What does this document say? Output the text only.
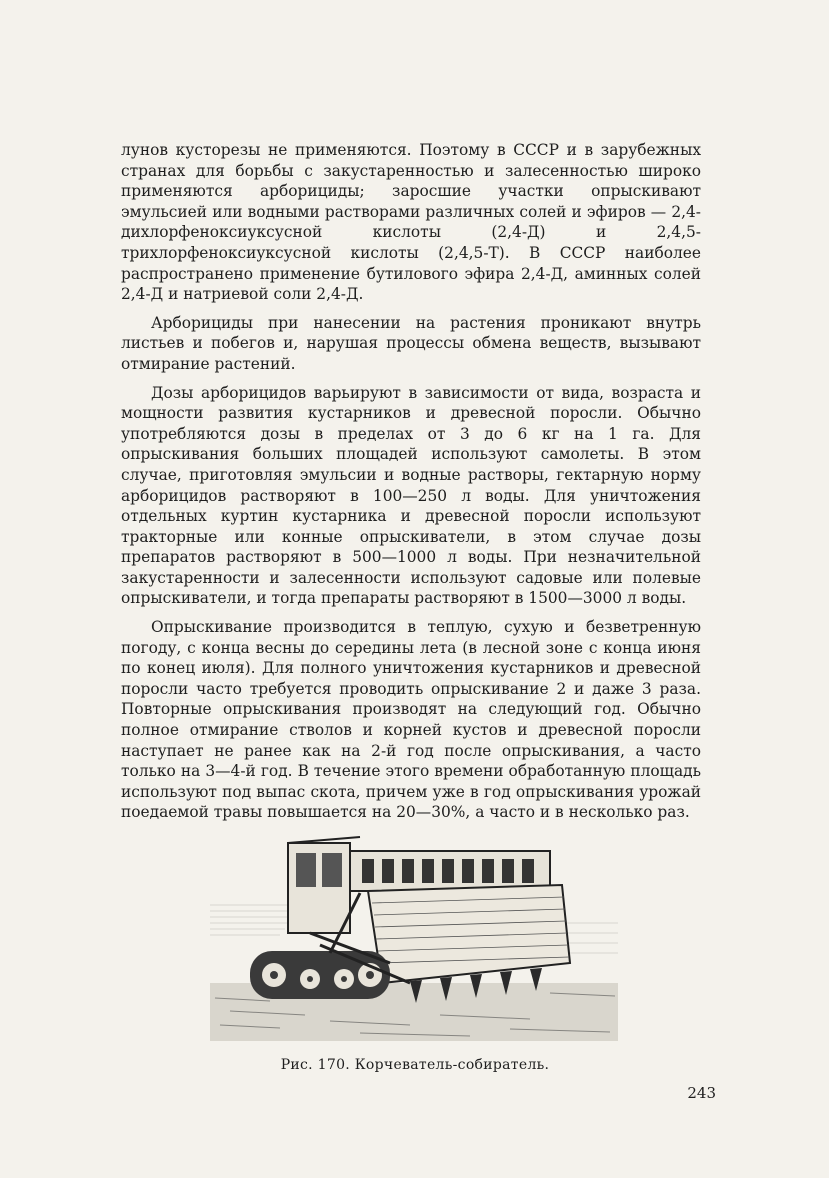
лунов кусторезы не применяются. Поэтому в СССР и в зарубежных странах для борьбы с закустаренностью и залесенностью широко применяются арборициды; заросшие участки опрыскивают эмульсией или водными растворами различных солей и эфиров — 2,4-дихлорфеноксиуксусной кислоты (2,4-Д) и 2,4,5-трихлорфеноксиуксусной кислоты (2,4,5-Т). В СССР наиболее распространено применение бутилового эфира 2,4-Д, аминных солей 2,4-Д и натриевой соли 2,4-Д.

Арборициды при нанесении на растения проникают внутрь листьев и побегов и, нарушая процессы обмена веществ, вызывают отмирание растений.

Дозы арборицидов варьируют в зависимости от вида, возраста и мощности развития кустарников и древесной поросли. Обычно употребляются дозы в пределах от 3 до 6 кг на 1 га. Для опрыскивания больших площадей используют самолеты. В этом случае, приготовляя эмульсии и водные растворы, гектарную норму арборицидов растворяют в 100—250 л воды. Для уничтожения отдельных куртин кустарника и древесной поросли используют тракторные или конные опрыскиватели, в этом случае дозы препаратов растворяют в 500—1000 л воды. При незначительной закустаренности и залесенности используют садовые или полевые опрыскиватели, и тогда препараты растворяют в 1500—3000 л воды.

Опрыскивание производится в теплую, сухую и безветренную погоду, с конца весны до середины лета (в лесной зоне с конца июня по конец июля). Для полного уничтожения кустарников и древесной поросли часто требуется проводить опрыскивание 2 и даже 3 раза. Повторные опрыскивания производят на следующий год. Обычно полное отмирание стволов и корней кустов и древесной поросли наступает не ранее как на 2-й год после опрыскивания, а часто только на 3—4-й год. В течение этого времени обработанную площадь используют под выпас скота, причем уже в год опрыскивания урожай поедаемой травы повышается на 20—30%, а часто и в несколько раз.

Рис. 170. Корчеватель-собиратель.
243
